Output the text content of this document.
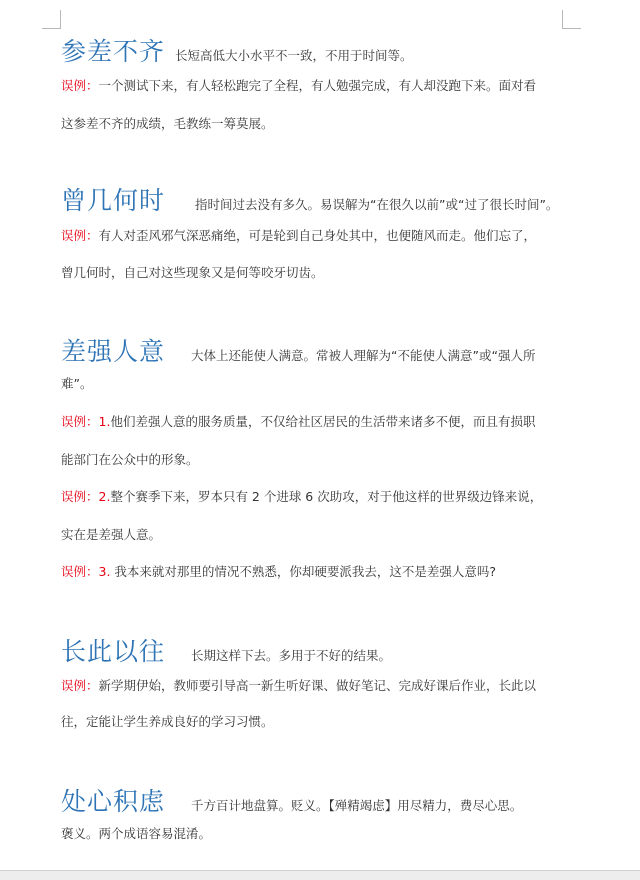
参差不齐 长短高低大小水平不一致，不用于时间等。
误例：一个测试下来，有人轻松跑完了全程，有人勉强完成，有人却没跑下来。面对看
这参差不齐的成绩，毛教练一筹莫展。
曾几何时 指时间过去没有多久。易误解为“在很久以前”或“过了很长时间”。
误例：有人对歪风邪气深恶痛绝，可是轮到自己身处其中，也便随风而走。他们忘了，
曾几何时，自己对这些现象又是何等咬牙切齿。
差强人意 大体上还能使人满意。常被人理解为“不能使人满意”或“强人所
难”。
误例：1.他们差强人意的服务质量，不仅给社区居民的生活带来诸多不便，而且有损职
能部门在公众中的形象。
误例：2.整个赛季下来，罗本只有 2 个进球 6 次助攻，对于他这样的世界级边锋来说，
实在是差强人意。
误例：3. 我本来就对那里的情况不熟悉，你却硬要派我去，这不是差强人意吗?
长此以往 长期这样下去。多用于不好的结果。
误例：新学期伊始，教师要引导高一新生听好课、做好笔记、完成好课后作业，长此以
往，定能让学生养成良好的学习习惯。
处心积虑 千方百计地盘算。贬义。【殚精竭虑】用尽精力，费尽心思。
褒义。两个成语容易混淆。
